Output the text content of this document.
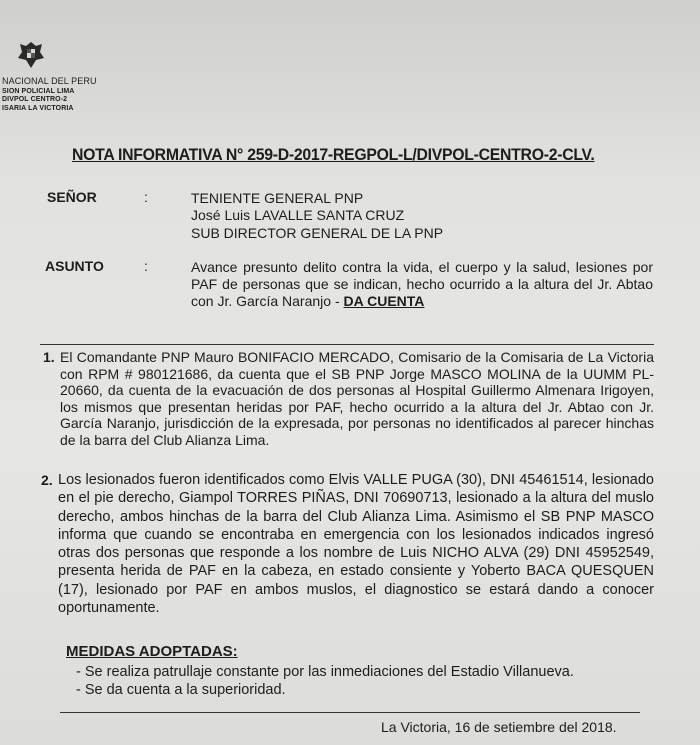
NACIONAL DEL PERU
SION POLICIAL LIMA
DIVPOL CENTRO-2
ISARIA LA VICTORIA
NOTA INFORMATIVA N° 259-D-2017-REGPOL-L/DIVPOL-CENTRO-2-CLV.
SEÑOR	:	TENIENTE GENERAL PNP
José Luis LAVALLE SANTA CRUZ
SUB DIRECTOR GENERAL DE LA PNP
ASUNTO	:	Avance presunto delito contra la vida, el cuerpo y la salud, lesiones por PAF de personas que se indican, hecho ocurrido a la altura del Jr. Abtao con Jr. García Naranjo - DA CUENTA
1. El Comandante PNP Mauro BONIFACIO MERCADO, Comisario de la Comisaria de La Victoria con RPM # 980121686, da cuenta que el SB PNP Jorge MASCO MOLINA de la UUMM PL-20660, da cuenta de la evacuación de dos personas al Hospital Guillermo Almenara Irigoyen, los mismos que presentan heridas por PAF, hecho ocurrido a la altura del Jr. Abtao con Jr. García Naranjo, jurisdicción de la expresada, por personas no identificados al parecer hinchas de la barra del Club Alianza Lima.
2. Los lesionados fueron identificados como Elvis VALLE PUGA (30), DNI 45461514, lesionado en el pie derecho, Giampol TORRES PIÑAS, DNI 70690713, lesionado a la altura del muslo derecho, ambos hinchas de la barra del Club Alianza Lima. Asimismo el SB PNP MASCO informa que cuando se encontraba en emergencia con los lesionados indicados ingresó otras dos personas que responde a los nombre de Luis NICHO ALVA (29) DNI 45952549, presenta herida de PAF en la cabeza, en estado consiente y Yoberto BACA QUESQUEN (17), lesionado por PAF en ambos muslos, el diagnostico se estará dando a conocer oportunamente.
MEDIDAS ADOPTADAS:
- Se realiza patrullaje constante por las inmediaciones del Estadio Villanueva.
- Se da cuenta a la superioridad.
La Victoria, 16 de setiembre del 2018.
